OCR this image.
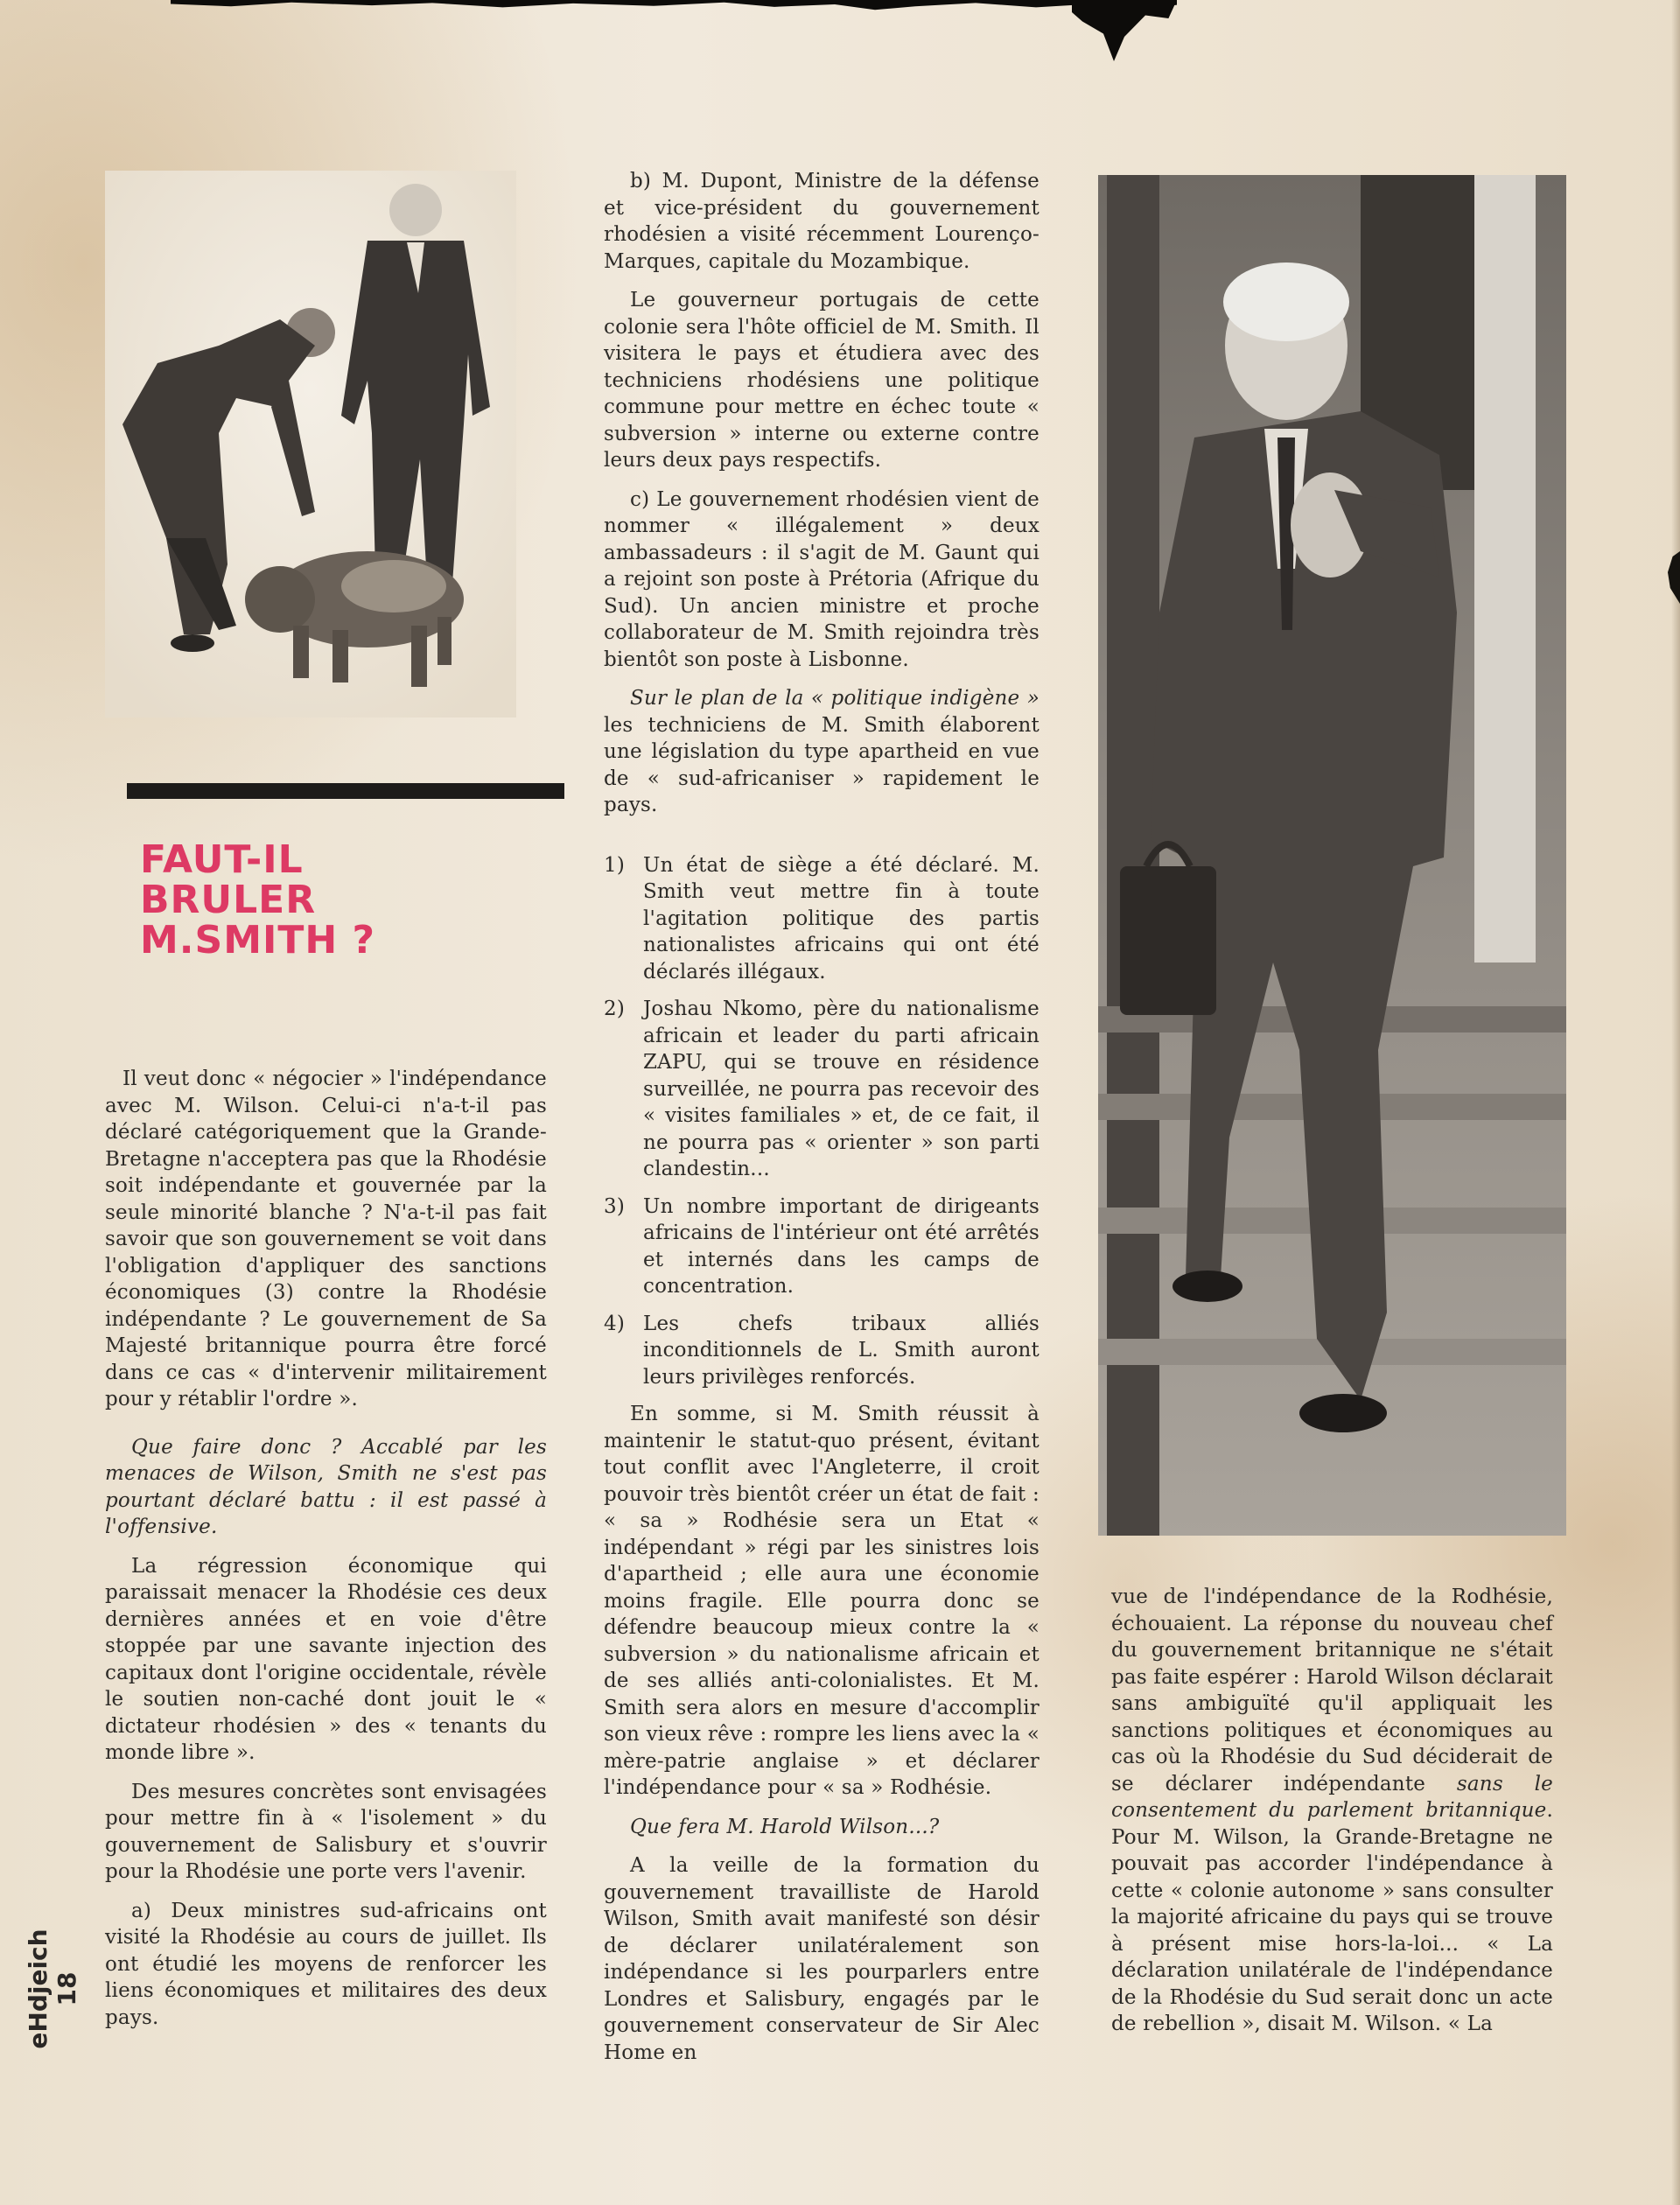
FAUT-IL
BRULER
M.SMITH ?

Il veut donc « négocier » l'indépendance avec M. Wilson. Celui-ci n'a-t-il pas déclaré catégoriquement que la Grande-Bretagne n'acceptera pas que la Rhodésie soit indépendante et gouvernée par la seule minorité blanche ? N'a-t-il pas fait savoir que son gouvernement se voit dans l'obligation d'appliquer des sanctions économiques (3) contre la Rhodésie indépendante ? Le gouvernement de Sa Majesté britannique pourra être forcé dans ce cas « d'intervenir militairement pour y rétablir l'ordre ».

Que faire donc ? Accablé par les menaces de Wilson, Smith ne s'est pas pourtant déclaré battu : il est passé à l'offensive.

La régression économique qui paraissait menacer la Rhodésie ces deux dernières années et en voie d'être stoppée par une savante injection des capitaux dont l'origine occidentale, révèle le soutien non-caché dont jouit le « dictateur rhodésien » des « tenants du monde libre ».

Des mesures concrètes sont envisagées pour mettre fin à « l'isolement » du gouvernement de Salisbury et s'ouvrir pour la Rhodésie une porte vers l'avenir.

a) Deux ministres sud-africains ont visité la Rhodésie au cours de juillet. Ils ont étudié les moyens de renforcer les liens économiques et militaires des deux pays.

b) M. Dupont, Ministre de la défense et vice-président du gouvernement rhodésien a visité récemment Lourenço-Marques, capitale du Mozambique.

Le gouverneur portugais de cette colonie sera l'hôte officiel de M. Smith. Il visitera le pays et étudiera avec des techniciens rhodésiens une politique commune pour mettre en échec toute « subversion » interne ou externe contre leurs deux pays respectifs.

c) Le gouvernement rhodésien vient de nommer « illégalement » deux ambassadeurs : il s'agit de M. Gaunt qui a rejoint son poste à Prétoria (Afrique du Sud). Un ancien ministre et proche collaborateur de M. Smith rejoindra très bientôt son poste à Lisbonne.

Sur le plan de la « politique indigène » les techniciens de M. Smith élaborent une législation du type apartheid en vue de « sud-africaniser » rapidement le pays.

1) Un état de siège a été déclaré. M. Smith veut mettre fin à toute l'agitation politique des partis nationalistes africains qui ont été déclarés illégaux.
2) Joshau Nkomo, père du nationalisme africain et leader du parti africain ZAPU, qui se trouve en résidence surveillée, ne pourra pas recevoir des « visites familiales » et, de ce fait, il ne pourra pas « orienter » son parti clandestin...
3) Un nombre important de dirigeants africains de l'intérieur ont été arrêtés et internés dans les camps de concentration.
4) Les chefs tribaux alliés inconditionnels de L. Smith auront leurs privilèges renforcés.

En somme, si M. Smith réussit à maintenir le statut-quo présent, évitant tout conflit avec l'Angleterre, il croit pouvoir très bientôt créer un état de fait : « sa » Rodhésie sera un Etat « indépendant » régi par les sinistres lois d'apartheid ; elle aura une économie moins fragile. Elle pourra donc se défendre beaucoup mieux contre la « subversion » du nationalisme africain et de ses alliés anti-colonialistes. Et M. Smith sera alors en mesure d'accomplir son vieux rêve : rompre les liens avec la « mère-patrie anglaise » et déclarer l'indépendance pour « sa » Rodhésie.

Que fera M. Harold Wilson...?

A la veille de la formation du gouvernement travailliste de Harold Wilson, Smith avait manifesté son désir de déclarer unilatéralement son indépendance si les pourparlers entre Londres et Salisbury, engagés par le gouvernement conservateur de Sir Alec Home en

vue de l'indépendance de la Rodhésie, échouaient. La réponse du nouveau chef du gouvernement britannique ne s'était pas faite espérer : Harold Wilson déclarait sans ambiguïté qu'il appliquait les sanctions politiques et économiques au cas où la Rhodésie du Sud déciderait de se déclarer indépendante sans le consentement du parlement britannique. Pour M. Wilson, la Grande-Bretagne ne pouvait pas accorder l'indépendance à cette « colonie autonome » sans consulter la majorité africaine du pays qui se trouve à présent mise hors-la-loi... « La déclaration unilatérale de l'indépendance de la Rhodésie du Sud serait donc un acte de rebellion », disait M. Wilson. « La

eHdjeich 18
